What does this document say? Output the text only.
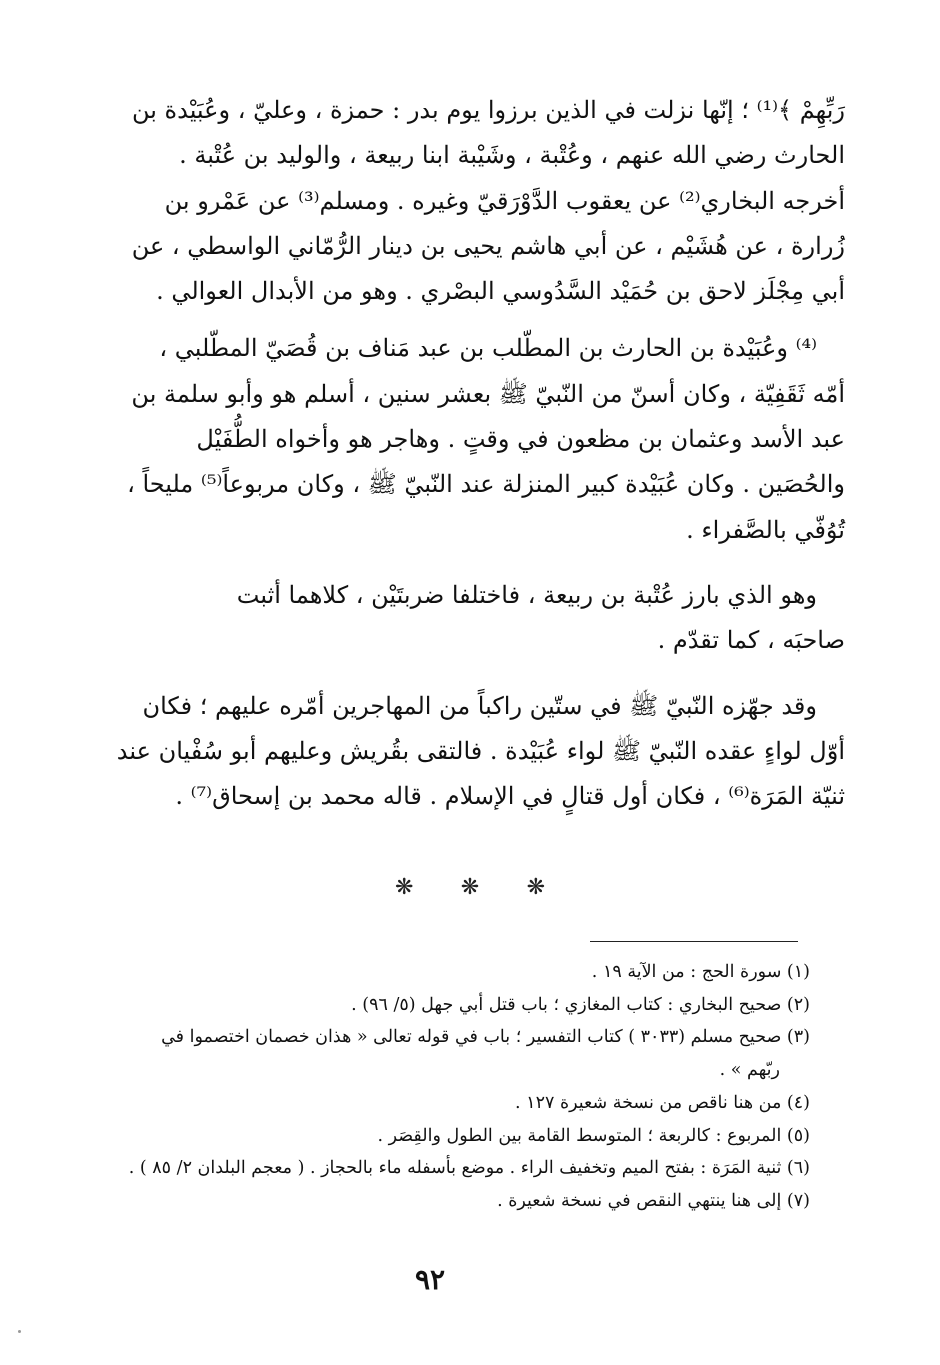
رَبِّهِمْ ﴾⁽¹⁾ ؛ إنّها نزلت في الذين برزوا يوم بدر : حمزة ، وعليّ ، وعُبَيْدة بن
الحارث رضي الله عنهم ، وعُتْبة ، وشَيْبة ابنا ربيعة ، والوليد بن عُتْبة .
أخرجه البخاري⁽²⁾ عن يعقوب الدَّوْرَقيّ وغيره . ومسلم⁽³⁾ عن عَمْرو بن
زُرارة ، عن هُشَيْم ، عن أبي هاشم يحيى بن دينار الرُّمّاني الواسطي ، عن
أبي مِجْلَز لاحق بن حُمَيْد السَّدُوسي البصْري . وهو من الأبدال العوالي .
⁽⁴⁾ وعُبَيْدة بن الحارث بن المطّلب بن عبد مَناف بن قُصَيّ المطّلبي ،
أمّه ثَقَفِيّة ، وكان أسنّ من النّبيّ ﷺ بعشر سنين ، أسلم هو وأبو سلمة بن
عبد الأسد وعثمان بن مظعون في وقتٍ . وهاجر هو وأخواه الطُّفَيْل
والحُصَين . وكان عُبَيْدة كبير المنزلة عند النّبيّ ﷺ ، وكان مربوعاً⁽⁵⁾ مليحاً ،
تُوُفّي بالصَّفراء .
وهو الذي بارز عُتْبة بن ربيعة ، فاختلفا ضربتَيْن ، كلاهما أثبت
صاحبَه ، كما تقدّم .
وقد جهّزه النّبيّ ﷺ في ستّين راكباً من المهاجرين أمّره عليهم ؛ فكان
أوّل لواءٍ عقده النّبيّ ﷺ لواء عُبَيْدة . فالتقى بقُريش وعليهم أبو سُفْيان عند
ثنيّة المَرَة⁽⁶⁾ ، فكان أول قتالٍ في الإسلام . قاله محمد بن إسحاق⁽⁷⁾ .
❋ ❋ ❋
(١) سورة الحج : من الآية ١٩ .
(٢) صحيح البخاري : كتاب المغازي ؛ باب قتل أبي جهل (٥/ ٩٦) .
(٣) صحيح مسلم (٣٠٣٣ ) كتاب التفسير ؛ باب في قوله تعالى « هذان خصمان اختصموا في
ربّهم » .
(٤) من هنا ناقص من نسخة شعيرة ١٢٧ .
(٥) المربوع : كالربعة ؛ المتوسط القامة بين الطول والقِصَر .
(٦) ثنية المَرَة : بفتح الميم وتخفيف الراء . موضع بأسفله ماء بالحجاز . ( معجم البلدان ٢/ ٨٥ ) .
(٧) إلى هنا ينتهي النقص في نسخة شعيرة .
٩٢
